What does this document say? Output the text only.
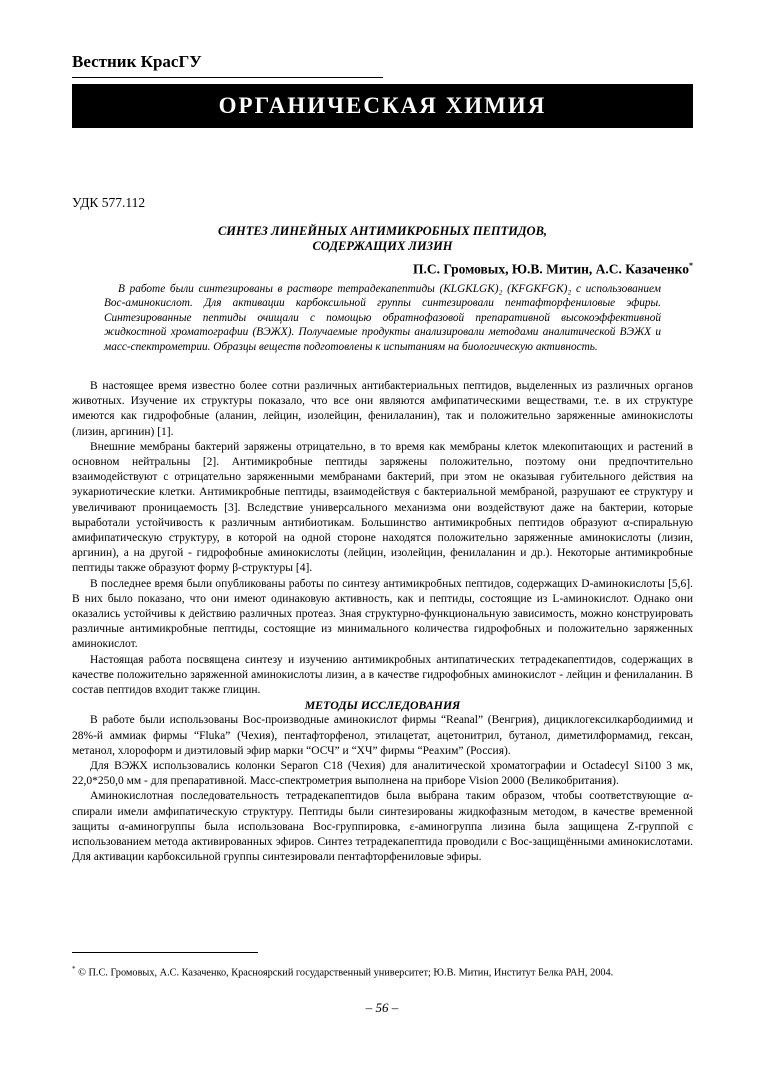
Вестник КрасГУ
ОРГАНИЧЕСКАЯ ХИМИЯ
УДК 577.112
СИНТЕЗ ЛИНЕЙНЫХ АНТИМИКРОБНЫХ ПЕПТИДОВ,
СОДЕРЖАЩИХ ЛИЗИН
П.С. Громовых, Ю.В. Митин, А.С. Казаченко*

В работе были синтезированы в растворе тетрадекапептиды (KLGKLGK)₂ (KFGKFGK)₂ с использованием Boc-аминокислот. Для активации карбоксильной группы синтезировали пентафторфениловые эфиры. Синтезированные пептиды очищали с помощью обратнофазовой препаративной высокоэффективной жидкостной хроматографии (ВЭЖХ). Получаемые продукты анализировали методами аналитической ВЭЖХ и масс-спектрометрии. Образцы веществ подготовлены к испытаниям на биологическую активность.

В настоящее время известно более сотни различных антибактериальных пептидов, выделенных из различных органов животных. Изучение их структуры показало, что все они являются амфипатическими веществами, т.е. в их структуре имеются как гидрофобные (аланин, лейцин, изолейцин, фенилаланин), так и положительно заряженные аминокислоты (лизин, аргинин) [1].

Внешние мембраны бактерий заряжены отрицательно, в то время как мембраны клеток млекопитающих и растений в основном нейтральны [2]. Антимикробные пептиды заряжены положительно, поэтому они предпочтительно взаимодействуют с отрицательно заряженными мембранами бактерий, при этом не оказывая губительного действия на эукариотические клетки. Антимикробные пептиды, взаимодействуя с бактериальной мембраной, разрушают ее структуру и увеличивают проницаемость [3]. Вследствие универсального механизма они воздействуют даже на бактерии, которые выработали устойчивость к различным антибиотикам. Большинство антимикробных пептидов образуют α-спиральную амифипатическую структуру, в которой на одной стороне находятся положительно заряженные аминокислоты (лизин, аргинин), а на другой - гидрофобные аминокислоты (лейцин, изолейцин, фенилаланин и др.). Некоторые антимикробные пептиды также образуют форму β-структуры [4].

В последнее время были опубликованы работы по синтезу антимикробных пептидов, содержащих D-аминокислоты [5,6]. В них было показано, что они имеют одинаковую активность, как и пептиды, состоящие из L-аминокислот. Однако они оказались устойчивы к действию различных протеаз. Зная структурно-функциональную зависимость, можно конструировать различные антимикробные пептиды, состоящие из минимального количества гидрофобных и положительно заряженных аминокислот.

Настоящая работа посвящена синтезу и изучению антимикробных антипатических тетрадекапептидов, содержащих в качестве положительно заряженной аминокислоты лизин, а в качестве гидрофобных аминокислот - лейцин и фенилаланин. В состав пептидов входит также глицин.

МЕТОДЫ ИССЛЕДОВАНИЯ

В работе были использованы Boc-производные аминокислот фирмы “Reanal” (Венгрия), дициклогексилкарбодиимид и 28%-й аммиак фирмы “Fluka” (Чехия), пентафторфенол, этилацетат, ацетонитрил, бутанол, диметилформамид, гексан, метанол, хлороформ и диэтиловый эфир марки “ОСЧ” и “ХЧ” фирмы “Реахим” (Россия).

Для ВЭЖХ использовались колонки Separon C18 (Чехия) для аналитической хроматографии и Octadecyl Si100 3 мк, 22,0*250,0 мм - для препаративной. Масс-спектрометрия выполнена на приборе Vision 2000 (Великобритания).

Аминокислотная последовательность тетрадекапептидов была выбрана таким образом, чтобы соответствующие α-спирали имели амфипатическую структуру. Пептиды были синтезированы жидкофазным методом, в качестве временной защиты α-аминогруппы была использована Boc-группировка, ε-аминогруппа лизина была защищена Z-группой с использованием метода активированных эфиров. Синтез тетрадекапептида проводили с Boc-защищёнными аминокислотами. Для активации карбоксильной группы синтезировали пентафторфениловые эфиры.

* © П.С. Громовых, А.С. Казаченко, Красноярский государственный университет; Ю.В. Митин, Институт Белка РАН, 2004.
– 56 –
